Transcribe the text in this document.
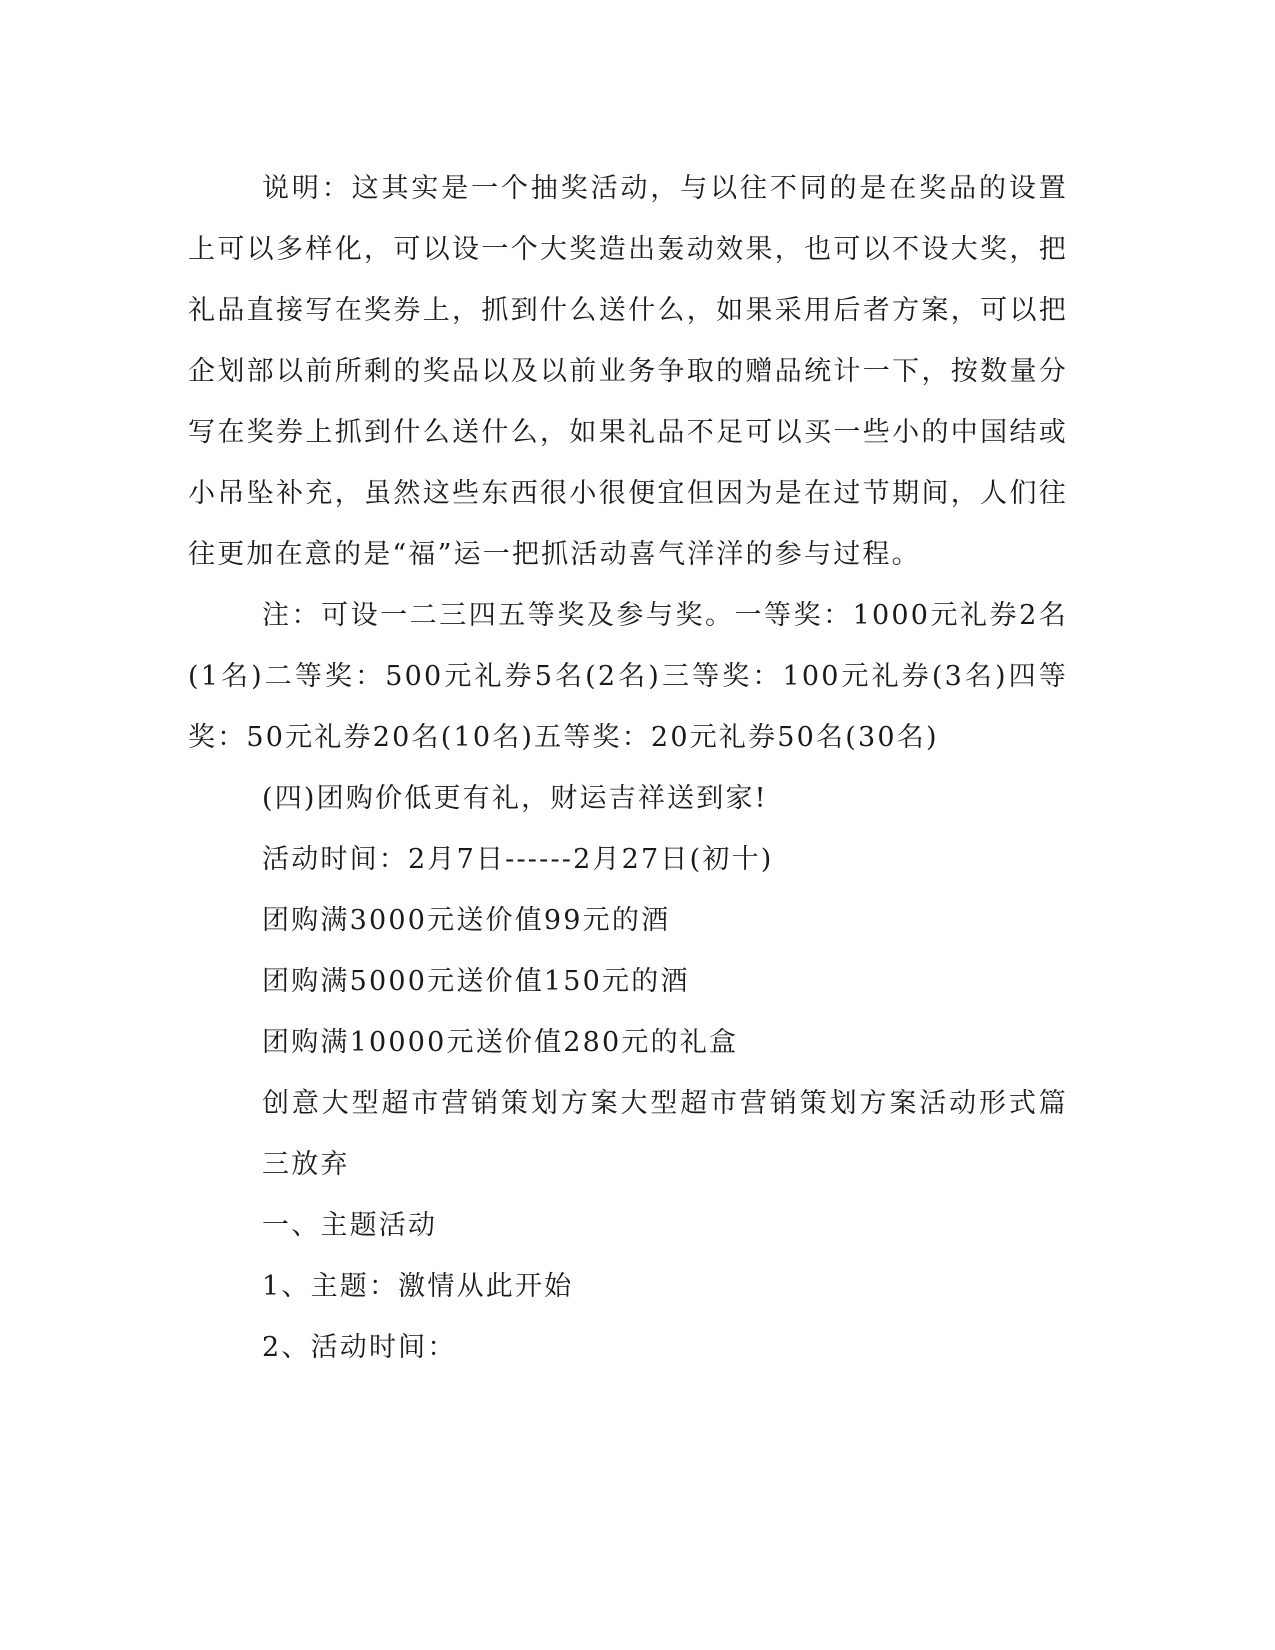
说明：这其实是一个抽奖活动，与以往不同的是在奖品的设置上可以多样化，可以设一个大奖造出轰动效果，也可以不设大奖，把礼品直接写在奖券上，抓到什么送什么，如果采用后者方案，可以把企划部以前所剩的奖品以及以前业务争取的赠品统计一下，按数量分写在奖券上抓到什么送什么，如果礼品不足可以买一些小的中国结或小吊坠补充，虽然这些东西很小很便宜但因为是在过节期间，人们往往更加在意的是“福”运一把抓活动喜气洋洋的参与过程。

注：可设一二三四五等奖及参与奖。一等奖：1000元礼券2名(1名)二等奖：500元礼券5名(2名)三等奖：100元礼券(3名)四等奖：50元礼券20名(10名)五等奖：20元礼券50名(30名)

(四)团购价低更有礼，财运吉祥送到家!

活动时间：2月7日------2月27日(初十)

团购满3000元送价值99元的酒

团购满5000元送价值150元的酒

团购满10000元送价值280元的礼盒

创意大型超市营销策划方案大型超市营销策划方案活动形式篇三放弃

一、主题活动

1、主题：激情从此开始

2、活动时间：
